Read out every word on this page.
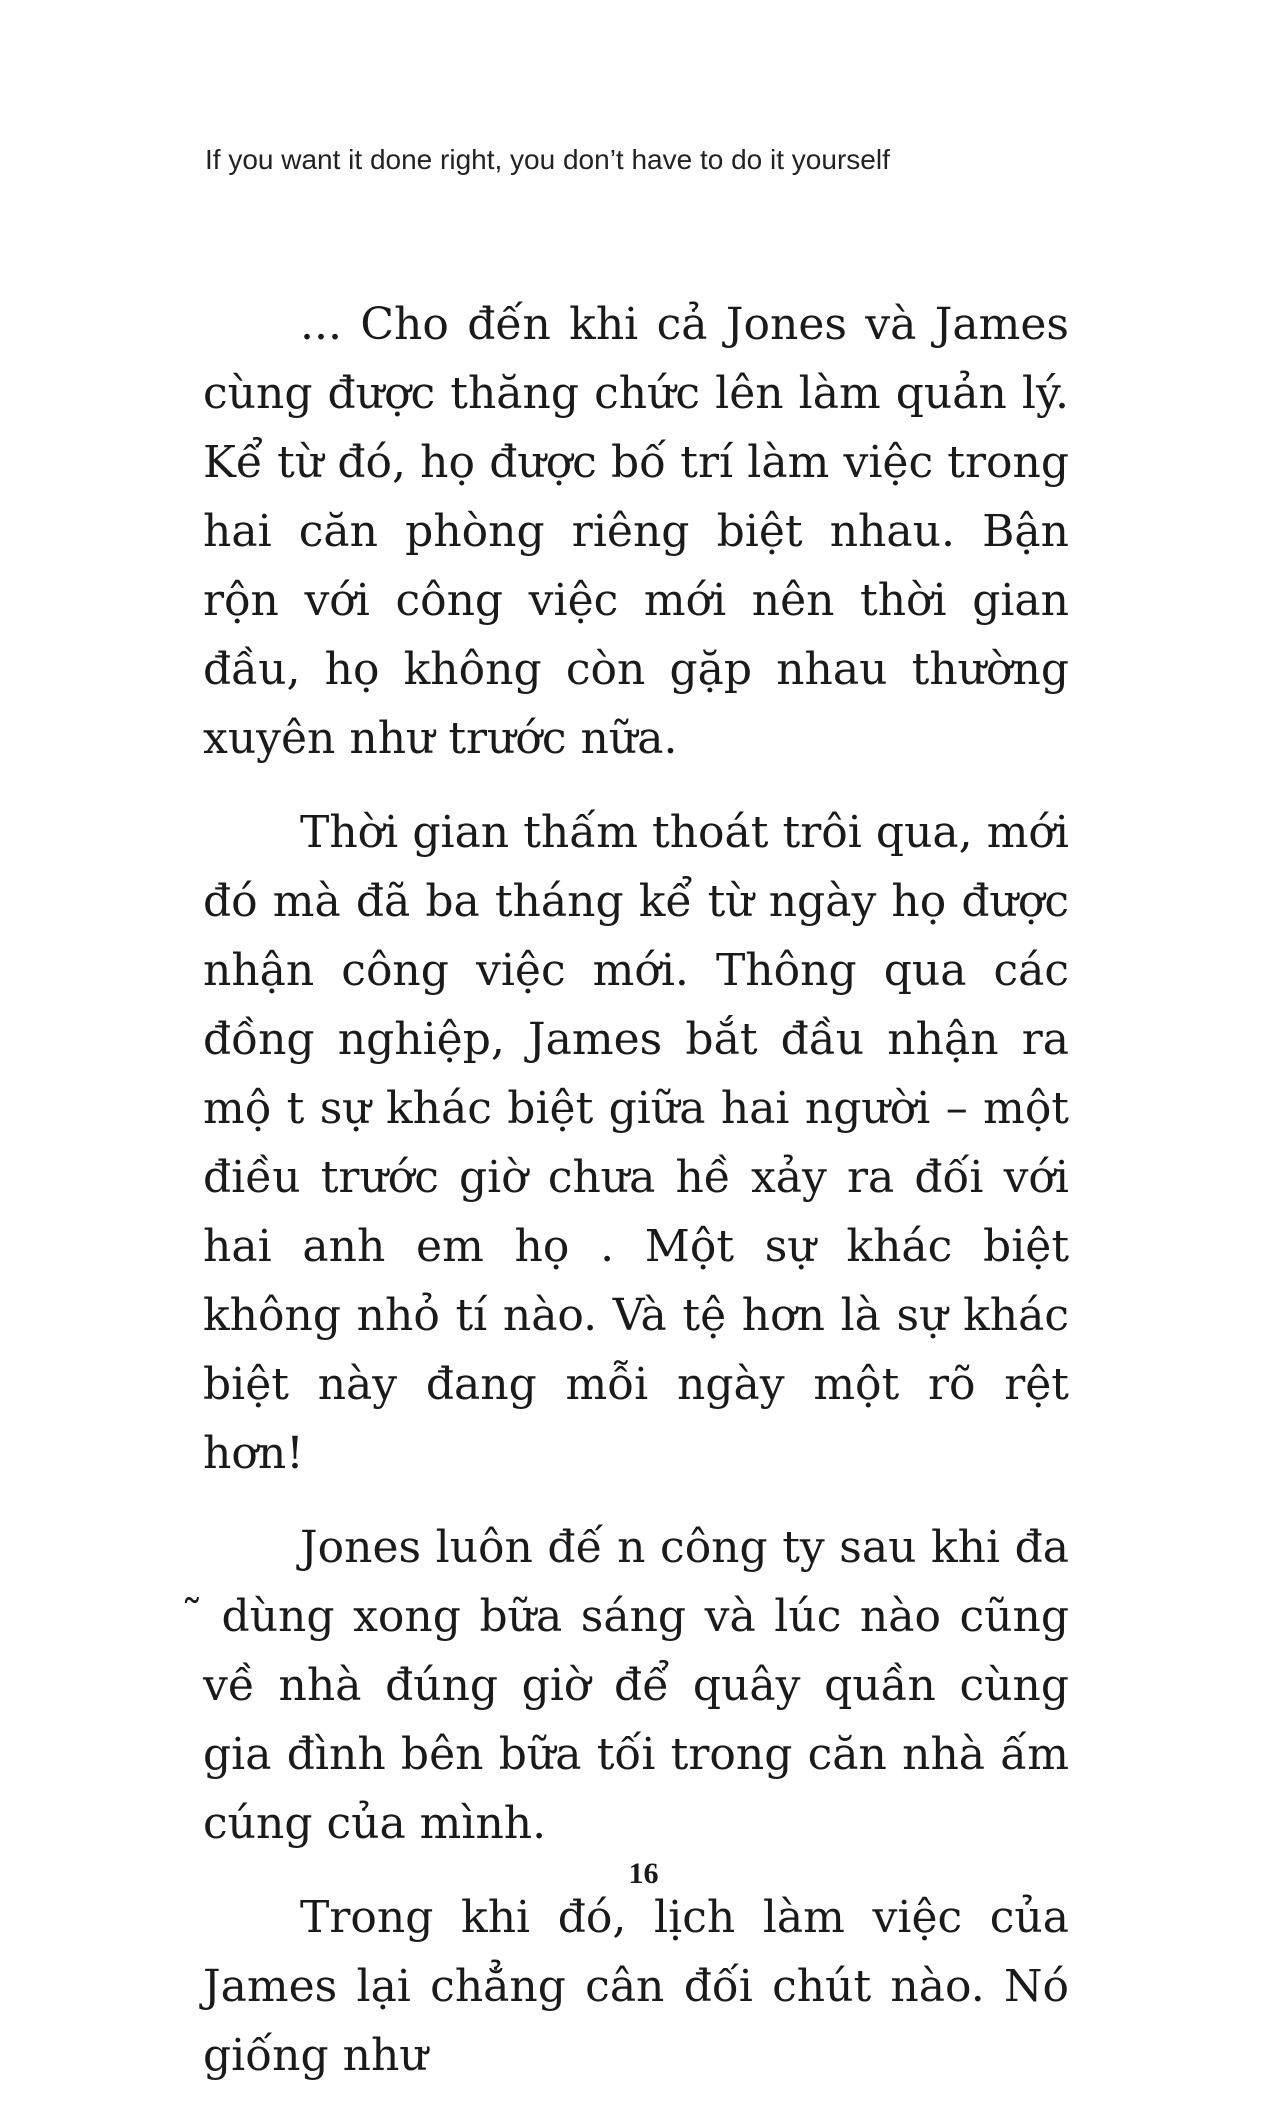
If you want it done right, you don’t have to do it yourself

... Cho đến khi cả Jones và James cùng được thăng chức lên làm quản lý. Kể từ đó, họ được bố trí làm việc trong hai căn phòng riêng biệt nhau. Bận rộn với công việc mới nên thời gian đầu, họ không còn gặp nhau thường xuyên như trước nữa.

Thời gian thấm thoát trôi qua, mới đó mà đã ba tháng kể từ ngày họ được nhận công việc mới. Thông qua các đồng nghiệp, James bắt đầu nhận ra mộ t sự khác biệt giữa hai người – một điều trước giờ chưa hề xảy ra đối với hai anh em họ . Một sự khác biệt không nhỏ tí nào. Và tệ hơn là sự khác biệt này đang mỗi ngày một rõ rệt hơn!

Jones luôn đế n công ty sau khi đa ̃ dùng xong bữa sáng và lúc nào cũng về nhà đúng giờ để quây quần cùng gia đình bên bữa tối trong căn nhà ấm cúng của mình.

Trong khi đó, lịch làm việc của James lại chẳng cân đối chút nào. Nó giống như

16
